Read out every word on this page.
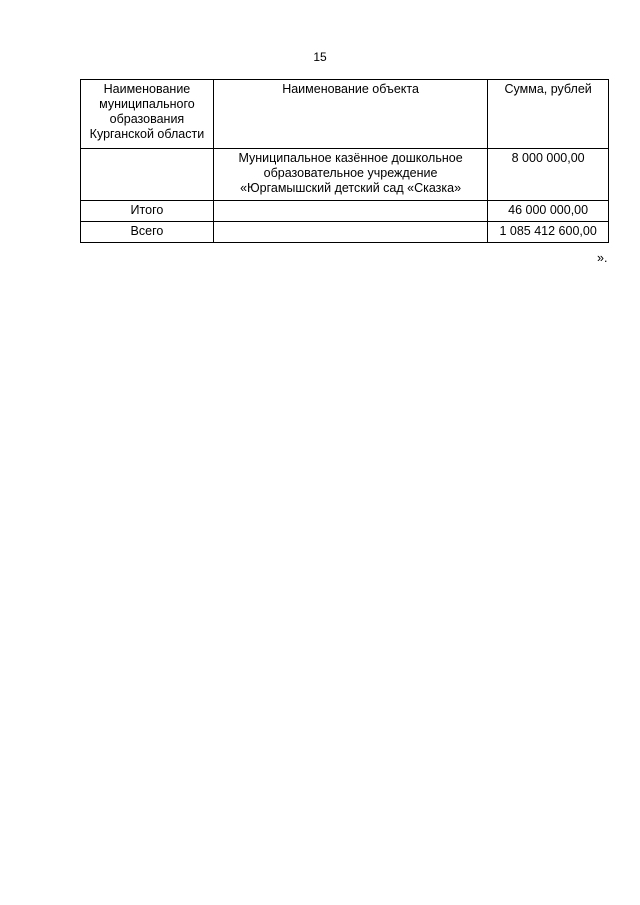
15
Наименование муниципального образования Курганской области	Наименование объекта	Сумма, рублей
	Муниципальное казённое дошкольное образовательное учреждение «Юргамышский детский сад «Сказка»	8 000 000,00
Итого		46 000 000,00
Всего		1 085 412 600,00
».
